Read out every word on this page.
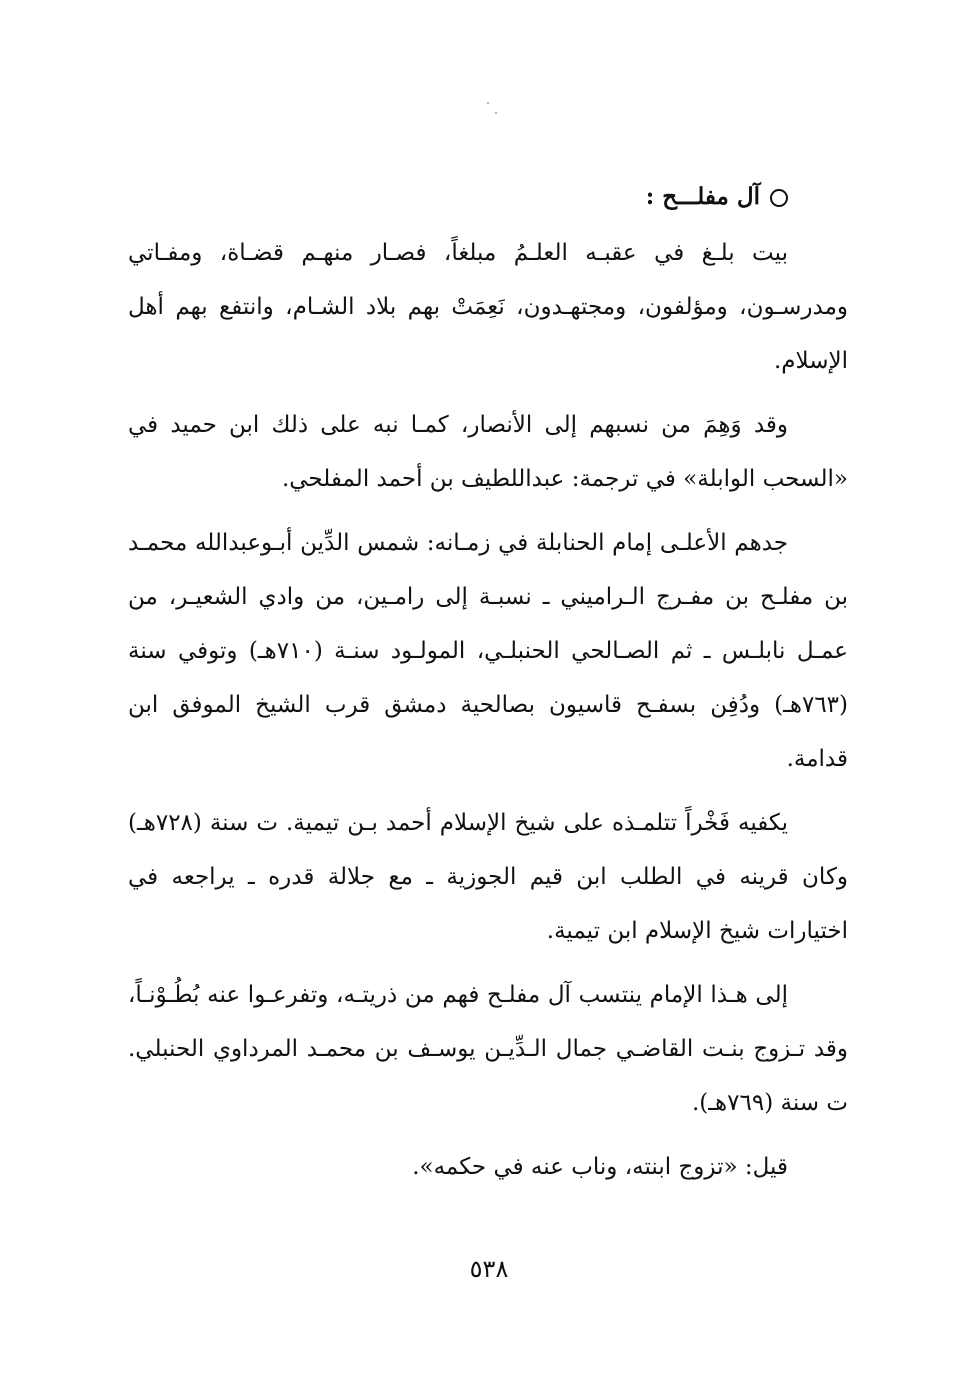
آل مفلـــح :

بيت بلـغ في عقبـه العلـمُ مبلغاً، فصـار منهـم قضـاة، ومفـاتي ومدرسـون، ومؤلفون، ومجتهـدون، نَعِمَتْ بهم بلاد الشـام، وانتفع بهم أهل الإسلام.

وقد وَهِمَ من نسبهم إلى الأنصار، كمـا نبه على ذلك ابن حميد في «السحب الوابلة» في ترجمة: عبداللطيف بن أحمد المفلحي.

جدهم الأعلـى إمام الحنابلة في زمـانه: شمس الدِّين أبـوعبدالله محمـد بن مفلـح بن مفـرج الـراميني ـ نسبـة إلى رامـين، من وادي الشعيـر، من عمـل نابلـس ـ ثم الصـالحي الحنبلـي، المولـود سنـة (٧١٠هـ) وتوفي سنة (٧٦٣هـ) ودُفِن بسفـح قاسيون بصالحية دمشق قرب الشيخ الموفق ابن قدامة.

يكفيه فَخْراً تتلمـذه على شيخ الإسلام أحمد بـن تيمية. ت سنة (٧٢٨هـ) وكان قرينه في الطلب ابن قيم الجوزية ـ مع جلالة قدره ـ يراجعه في اختيارات شيخ الإسلام ابن تيمية.

إلى هـذا الإمام ينتسب آل مفلـح فهم من ذريتـه، وتفرعـوا عنه بُطُـوْنـاً، وقد تـزوج بنـت القاضـي جمال الـدِّيـن يوسـف بن محمـد المرداوي الحنبلي. ت سنة (٧٦٩هـ).

قيل: «تزوج ابنته، وناب عنه في حكمه».

٥٣٨
